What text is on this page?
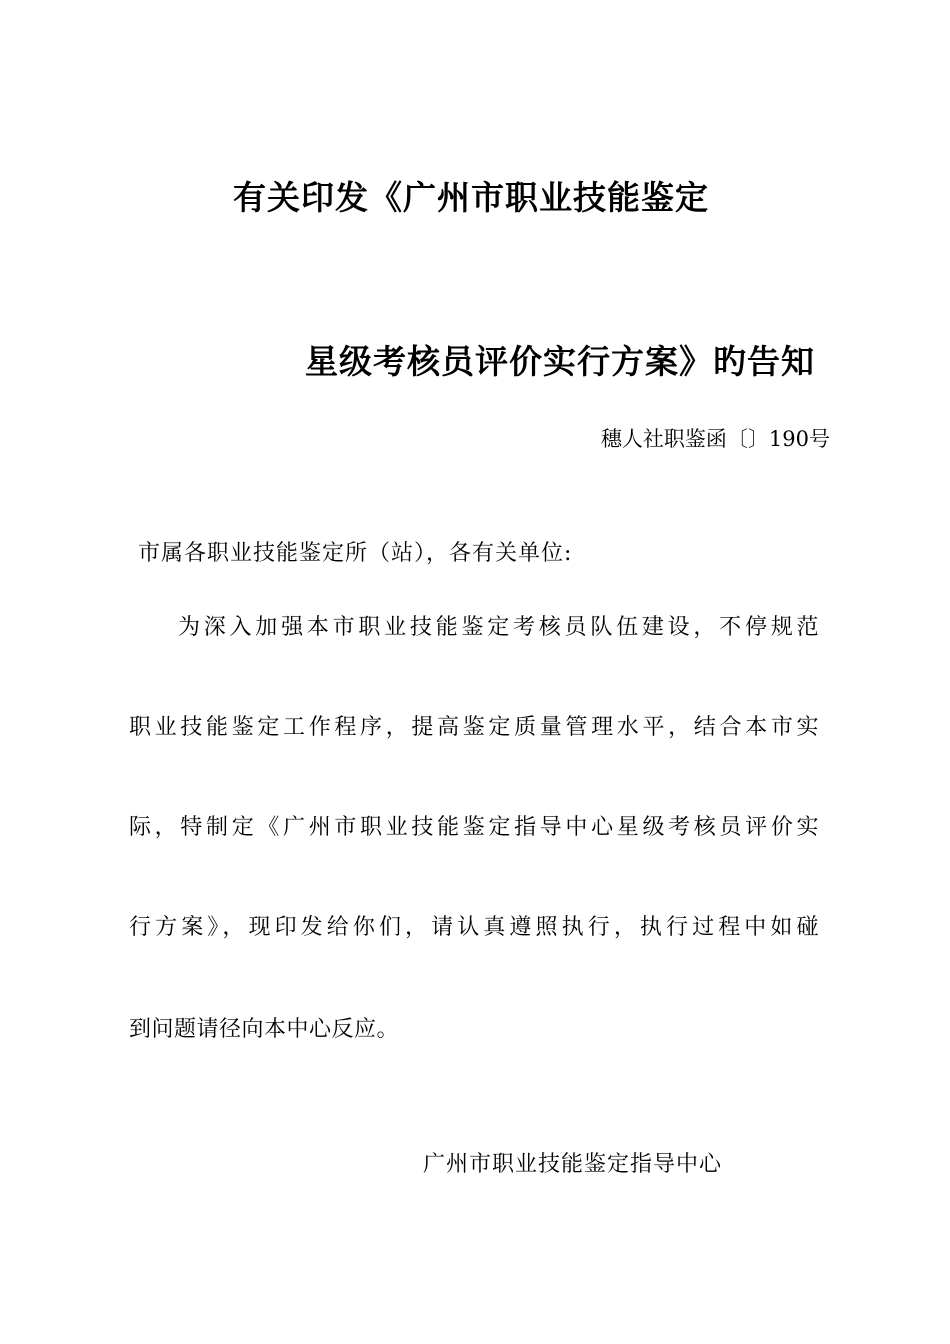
有关印发《广州市职业技能鉴定
星级考核员评价实行方案》旳告知
穗人社职鉴函〔〕190号
市属各职业技能鉴定所（站），各有关单位:
为深入加强本市职业技能鉴定考核员队伍建设，不停规范
职业技能鉴定工作程序，提高鉴定质量管理水平，结合本市实
际，特制定《广州市职业技能鉴定指导中心星级考核员评价实
行方案》，现印发给你们，请认真遵照执行，执行过程中如碰
到问题请径向本中心反应。
广州市职业技能鉴定指导中心
